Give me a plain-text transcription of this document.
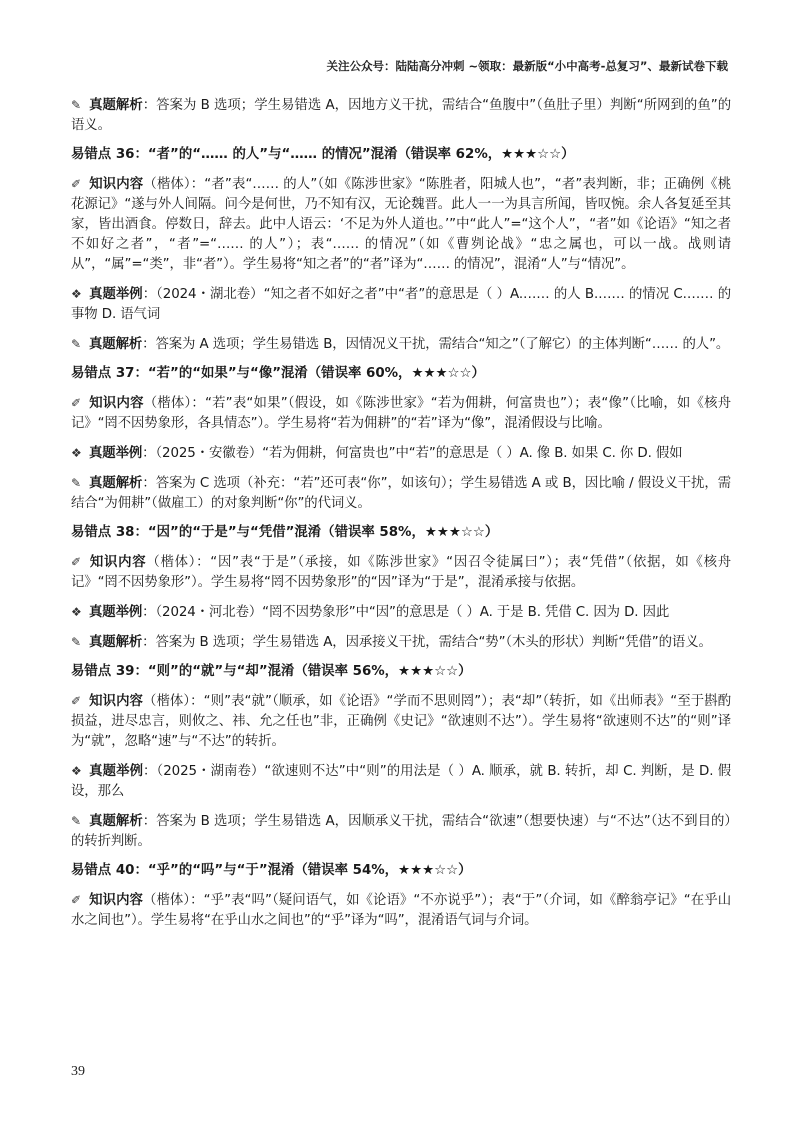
关注公众号：陆陆高分冲刺 ~领取：最新版“小中高考-总复习”、最新试卷下载

✎ 真题解析：答案为 B 选项；学生易错选 A，因地方义干扰，需结合“鱼腹中”（鱼肚子里）判断“所网到的鱼”的语义。

易错点 36：“者”的“…… 的人”与“…… 的情况”混淆（错误率 62%，★★★☆☆）

✐ 知识内容（楷体）：“者”表“…… 的人”（如《陈涉世家》“陈胜者，阳城人也”，“者”表判断，非；正确例《桃花源记》“遂与外人间隔。问今是何世，乃不知有汉，无论魏晋。此人一一为具言所闻，皆叹惋。余人各复延至其家，皆出酒食。停数日，辞去。此中人语云：‘不足为外人道也。’”中“此人”=“这个人”，“者”如《论语》“知之者不如好之者”，“者”=“…… 的人”）；表“…… 的情况”（如《曹刿论战》“忠之属也，可以一战。战则请从”，“属”=“类”，非“者”）。学生易将“知之者”的“者”译为“…… 的情况”，混淆“人”与“情况”。

❖ 真题举例：（2024・湖北卷）“知之者不如好之者”中“者”的意思是（ ）A.…… 的人 B.…… 的情况 C.…… 的事物 D. 语气词

✎ 真题解析：答案为 A 选项；学生易错选 B，因情况义干扰，需结合“知之”（了解它）的主体判断“…… 的人”。

易错点 37：“若”的“如果”与“像”混淆（错误率 60%，★★★☆☆）

✐ 知识内容（楷体）：“若”表“如果”（假设，如《陈涉世家》“若为佣耕，何富贵也”）；表“像”（比喻，如《核舟记》“罔不因势象形，各具情态”）。学生易将“若为佣耕”的“若”译为“像”，混淆假设与比喻。

❖ 真题举例：（2025・安徽卷）“若为佣耕，何富贵也”中“若”的意思是（ ）A. 像 B. 如果 C. 你 D. 假如

✎ 真题解析：答案为 C 选项（补充：“若”还可表“你”，如该句）；学生易错选 A 或 B，因比喻 / 假设义干扰，需结合“为佣耕”（做雇工）的对象判断“你”的代词义。

易错点 38：“因”的“于是”与“凭借”混淆（错误率 58%，★★★☆☆）

✐ 知识内容（楷体）：“因”表“于是”（承接，如《陈涉世家》“因召令徒属曰”）；表“凭借”（依据，如《核舟记》“罔不因势象形”）。学生易将“罔不因势象形”的“因”译为“于是”，混淆承接与依据。

❖ 真题举例：（2024・河北卷）“罔不因势象形”中“因”的意思是（ ）A. 于是 B. 凭借 C. 因为 D. 因此

✎ 真题解析：答案为 B 选项；学生易错选 A，因承接义干扰，需结合“势”（木头的形状）判断“凭借”的语义。

易错点 39：“则”的“就”与“却”混淆（错误率 56%，★★★☆☆）

✐ 知识内容（楷体）：“则”表“就”（顺承，如《论语》“学而不思则罔”）；表“却”（转折，如《出师表》“至于斟酌损益，进尽忠言，则攸之、祎、允之任也”非，正确例《史记》“欲速则不达”）。学生易将“欲速则不达”的“则”译为“就”，忽略“速”与“不达”的转折。

❖ 真题举例：（2025・湖南卷）“欲速则不达”中“则”的用法是（ ）A. 顺承，就 B. 转折，却 C. 判断，是 D. 假设，那么

✎ 真题解析：答案为 B 选项；学生易错选 A，因顺承义干扰，需结合“欲速”（想要快速）与“不达”（达不到目的）的转折判断。

易错点 40：“乎”的“吗”与“于”混淆（错误率 54%，★★★☆☆）

✐ 知识内容（楷体）：“乎”表“吗”（疑问语气，如《论语》“不亦说乎”）；表“于”（介词，如《醉翁亭记》“在乎山水之间也”）。学生易将“在乎山水之间也”的“乎”译为“吗”，混淆语气词与介词。

39
